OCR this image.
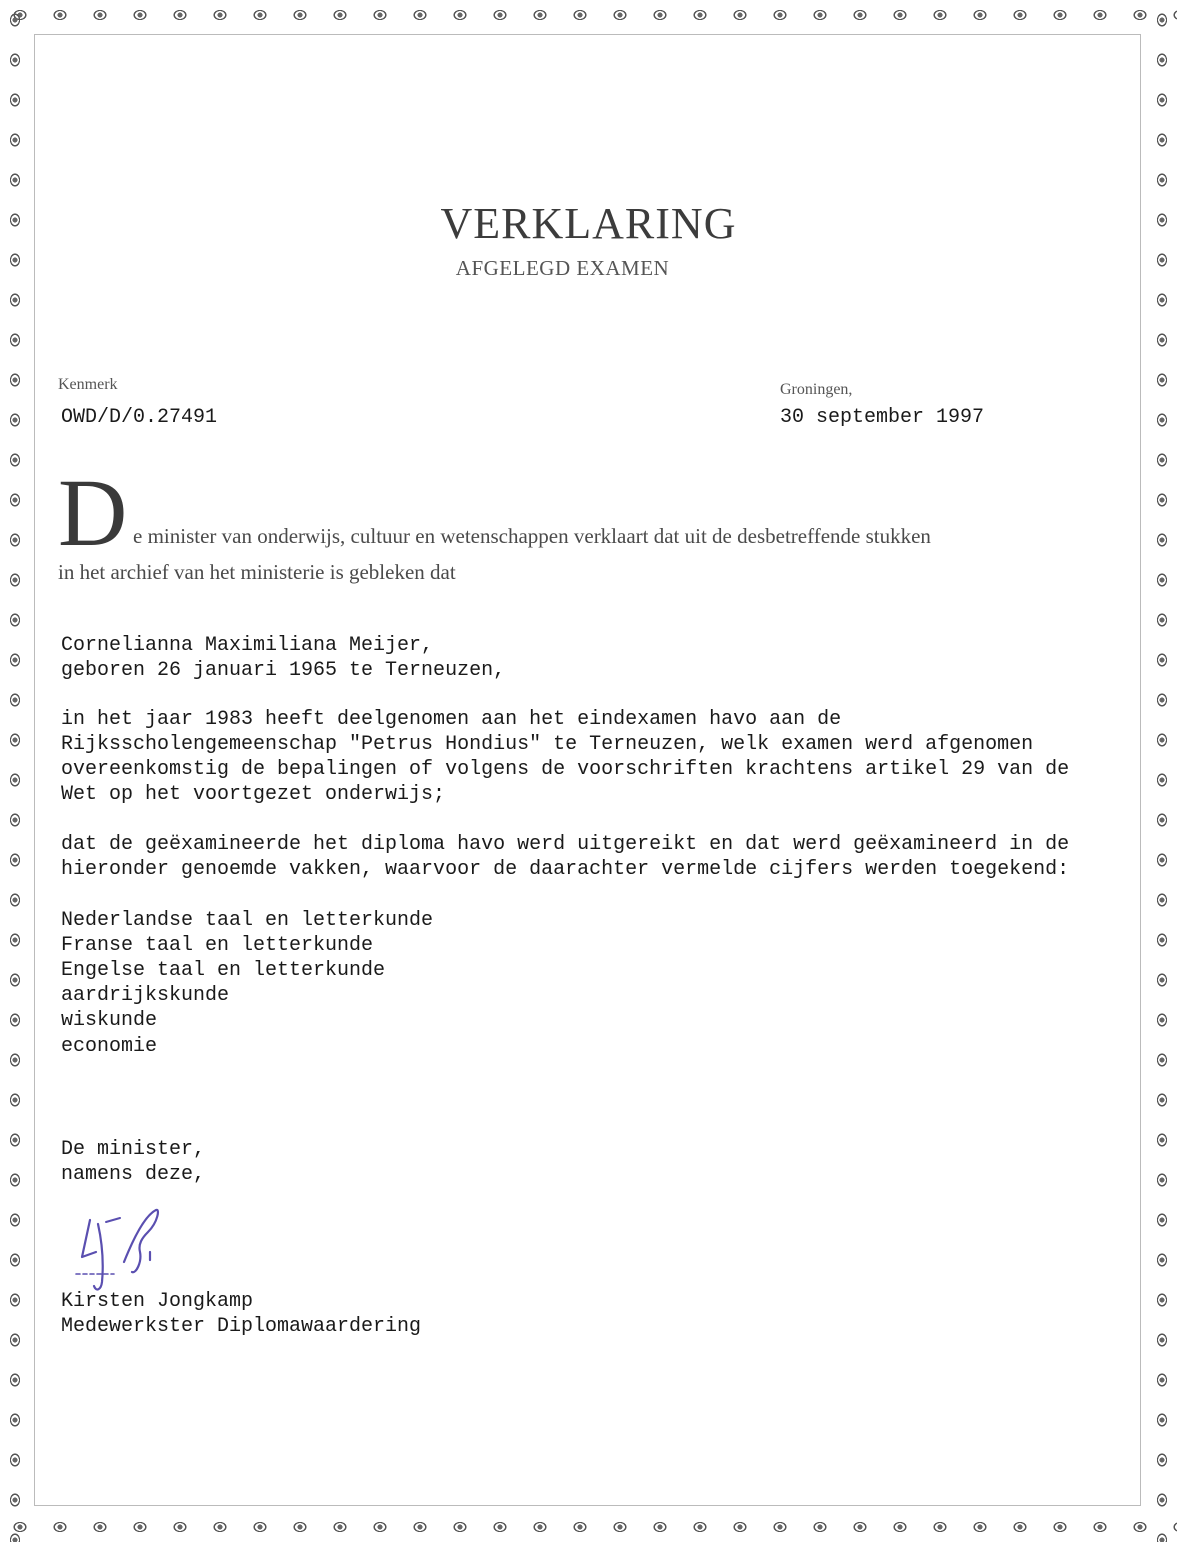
VERKLARING
AFGELEGD EXAMEN
Kenmerk
OWD/D/0.27491
Groningen,
30 september 1997
D e minister van onderwijs, cultuur en wetenschappen verklaart dat uit de desbetreffende stukken
in het archief van het ministerie is gebleken dat
Cornelianna Maximiliana Meijer,
geboren 26 januari 1965 te Terneuzen,
in het jaar 1983 heeft deelgenomen aan het eindexamen havo aan de
Rijksscholengemeenschap "Petrus Hondius" te Terneuzen, welk examen werd afgenomen
overeenkomstig de bepalingen of volgens de voorschriften krachtens artikel 29 van de
Wet op het voortgezet onderwijs;
dat de geëxamineerde het diploma havo werd uitgereikt en dat werd geëxamineerd in de
hieronder genoemde vakken, waarvoor de daarachter vermelde cijfers werden toegekend:
Nederlandse taal en letterkunde
Franse taal en letterkunde
Engelse taal en letterkunde
aardrijkskunde
wiskunde
economie
De minister,
namens deze,
Kirsten Jongkamp
Medewerkster Diplomawaardering
